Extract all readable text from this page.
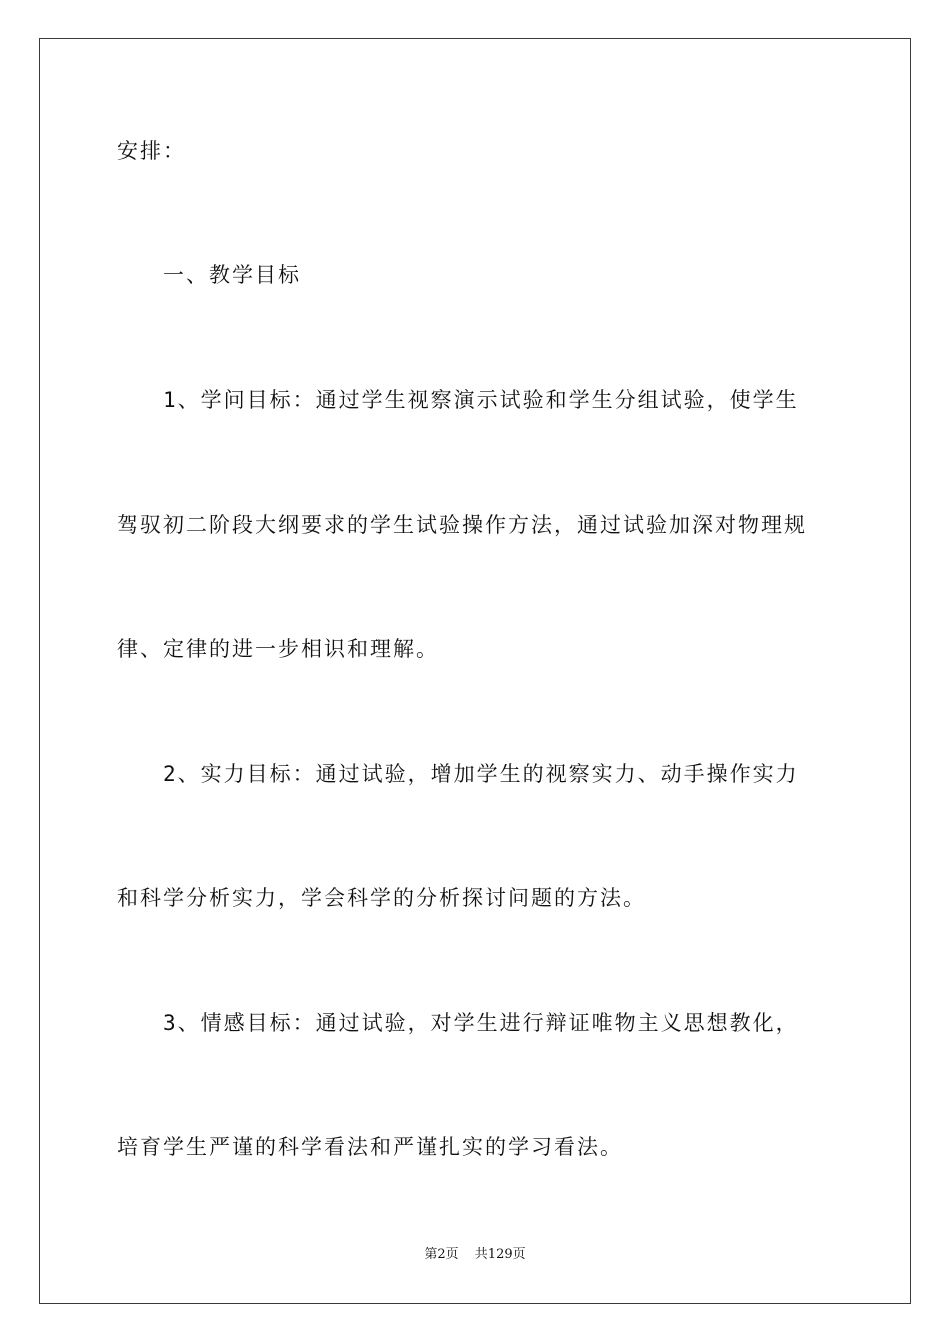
安排：

　　一、教学目标

　　1、学问目标：通过学生视察演示试验和学生分组试验，使学生

驾驭初二阶段大纲要求的学生试验操作方法，通过试验加深对物理规

律、定律的进一步相识和理解。

　　2、实力目标：通过试验，增加学生的视察实力、动手操作实力

和科学分析实力，学会科学的分析探讨问题的方法。

　　3、情感目标：通过试验，对学生进行辩证唯物主义思想教化，

培育学生严谨的科学看法和严谨扎实的学习看法。

第2页 共129页
